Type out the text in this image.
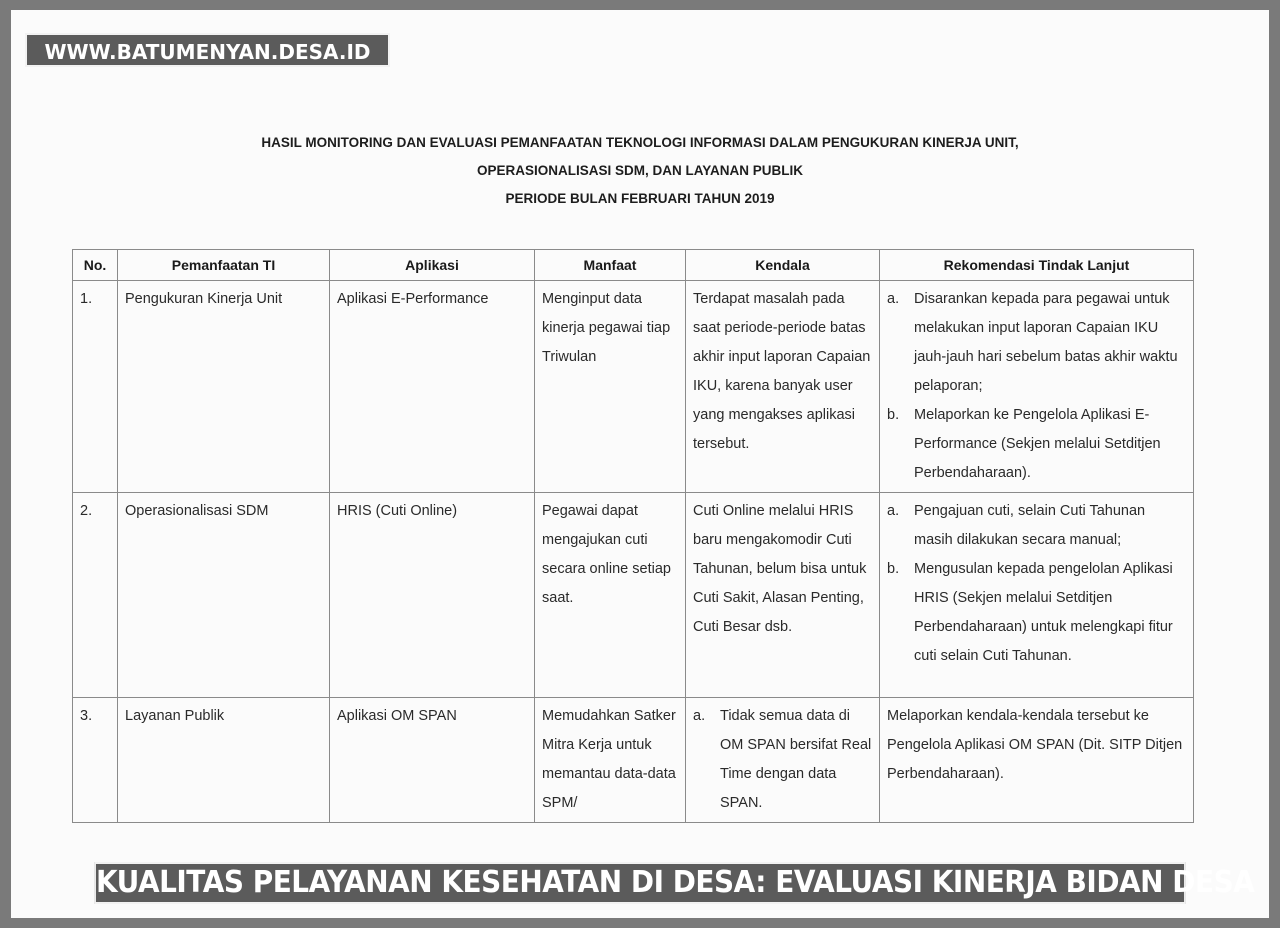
WWW.BATUMENYAN.DESA.ID
HASIL MONITORING DAN EVALUASI PEMANFAATAN TEKNOLOGI INFORMASI DALAM PENGUKURAN KINERJA UNIT,
OPERASIONALISASI SDM, DAN LAYANAN PUBLIK
PERIODE BULAN FEBRUARI TAHUN 2019
No.	Pemanfaatan TI	Aplikasi	Manfaat	Kendala	Rekomendasi Tindak Lanjut
1.	Pengukuran Kinerja Unit	Aplikasi E-Performance	Menginput data kinerja pegawai tiap Triwulan	Terdapat masalah pada saat periode-periode batas akhir input laporan Capaian IKU, karena banyak user yang mengakses aplikasi tersebut.	a. Disarankan kepada para pegawai untuk melakukan input laporan Capaian IKU jauh-jauh hari sebelum batas akhir waktu pelaporan;
b. Melaporkan ke Pengelola Aplikasi E-Performance (Sekjen melalui Setditjen Perbendaharaan).

2.	Operasionalisasi SDM	HRIS (Cuti Online)	Pegawai dapat mengajukan cuti secara online setiap saat.	Cuti Online melalui HRIS baru mengakomodir Cuti Tahunan, belum bisa untuk Cuti Sakit, Alasan Penting, Cuti Besar dsb.	a. Pengajuan cuti, selain Cuti Tahunan masih dilakukan secara manual;
b. Mengusulan kepada pengelolan Aplikasi HRIS (Sekjen melalui Setditjen Perbendaharaan) untuk melengkapi fitur cuti selain Cuti Tahunan.

3.	Layanan Publik	Aplikasi OM SPAN	Memudahkan Satker Mitra Kerja untuk memantau data-data SPM/	a. Tidak semua data di OM SPAN bersifat Real Time dengan data SPAN.	Melaporkan kendala-kendala tersebut ke Pengelola Aplikasi OM SPAN (Dit. SITP Ditjen Perbendaharaan).
KUALITAS PELAYANAN KESEHATAN DI DESA: EVALUASI KINERJA BIDAN DESA
